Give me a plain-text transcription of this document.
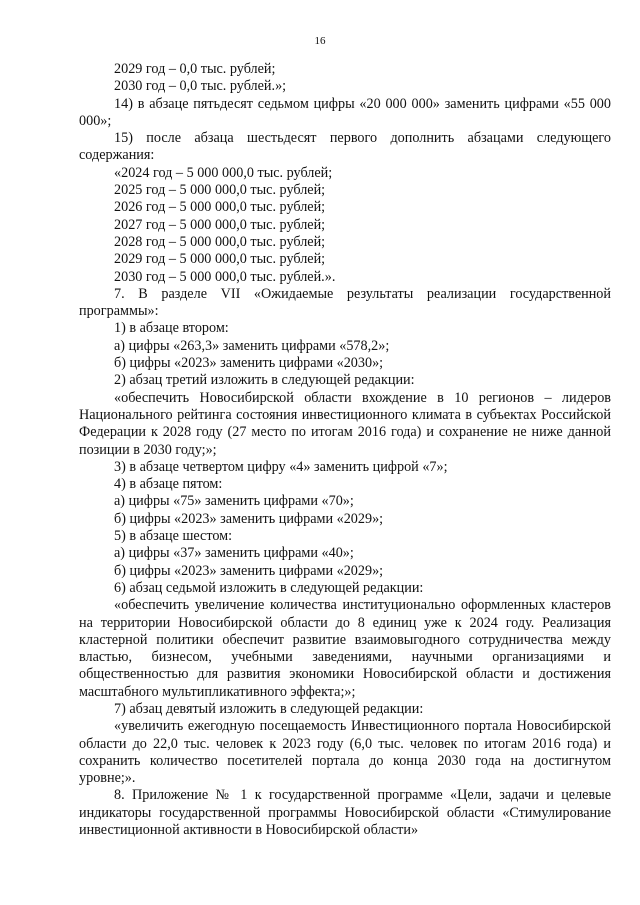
16

2029 год – 0,0 тыс. рублей;

2030 год – 0,0 тыс. рублей.»;

14) в абзаце пятьдесят седьмом цифры «20 000 000» заменить цифрами «55 000 000»;

15) после абзаца шестьдесят первого дополнить абзацами следующего содержания:

«2024 год – 5 000 000,0 тыс. рублей;

2025 год – 5 000 000,0 тыс. рублей;

2026 год – 5 000 000,0 тыс. рублей;

2027 год – 5 000 000,0 тыс. рублей;

2028 год – 5 000 000,0 тыс. рублей;

2029 год – 5 000 000,0 тыс. рублей;

2030 год – 5 000 000,0 тыс. рублей.».

7. В разделе VII «Ожидаемые результаты реализации государственной программы»:

1) в абзаце втором:

а) цифры «263,3» заменить цифрами «578,2»;

б) цифры «2023» заменить цифрами «2030»;

2) абзац третий изложить в следующей редакции:

«обеспечить Новосибирской области вхождение в 10 регионов – лидеров Национального рейтинга состояния инвестиционного климата в субъектах Российской Федерации к 2028 году (27 место по итогам 2016 года) и сохранение не ниже данной позиции в 2030 году;»;

3) в абзаце четвертом цифру «4» заменить цифрой «7»;

4) в абзаце пятом:

а) цифры «75» заменить цифрами «70»;

б) цифры «2023» заменить цифрами «2029»;

5) в абзаце шестом:

а) цифры «37» заменить цифрами «40»;

б) цифры «2023» заменить цифрами «2029»;

6) абзац седьмой изложить в следующей редакции:

«обеспечить увеличение количества институционально оформленных кластеров на территории Новосибирской области до 8 единиц уже к 2024 году. Реализация кластерной политики обеспечит развитие взаимовыгодного сотрудничества между властью, бизнесом, учебными заведениями, научными организациями и общественностью для развития экономики Новосибирской области и достижения масштабного мультипликативного эффекта;»;

7) абзац девятый изложить в следующей редакции:

«увеличить ежегодную посещаемость Инвестиционного портала Новосибирской области до 22,0 тыс. человек к 2023 году (6,0 тыс. человек по итогам 2016 года) и сохранить количество посетителей портала до конца 2030 года на достигнутом уровне;».

8. Приложение № 1 к государственной программе «Цели, задачи и целевые индикаторы государственной программы Новосибирской области «Стимулирование инвестиционной активности в Новосибирской области»
